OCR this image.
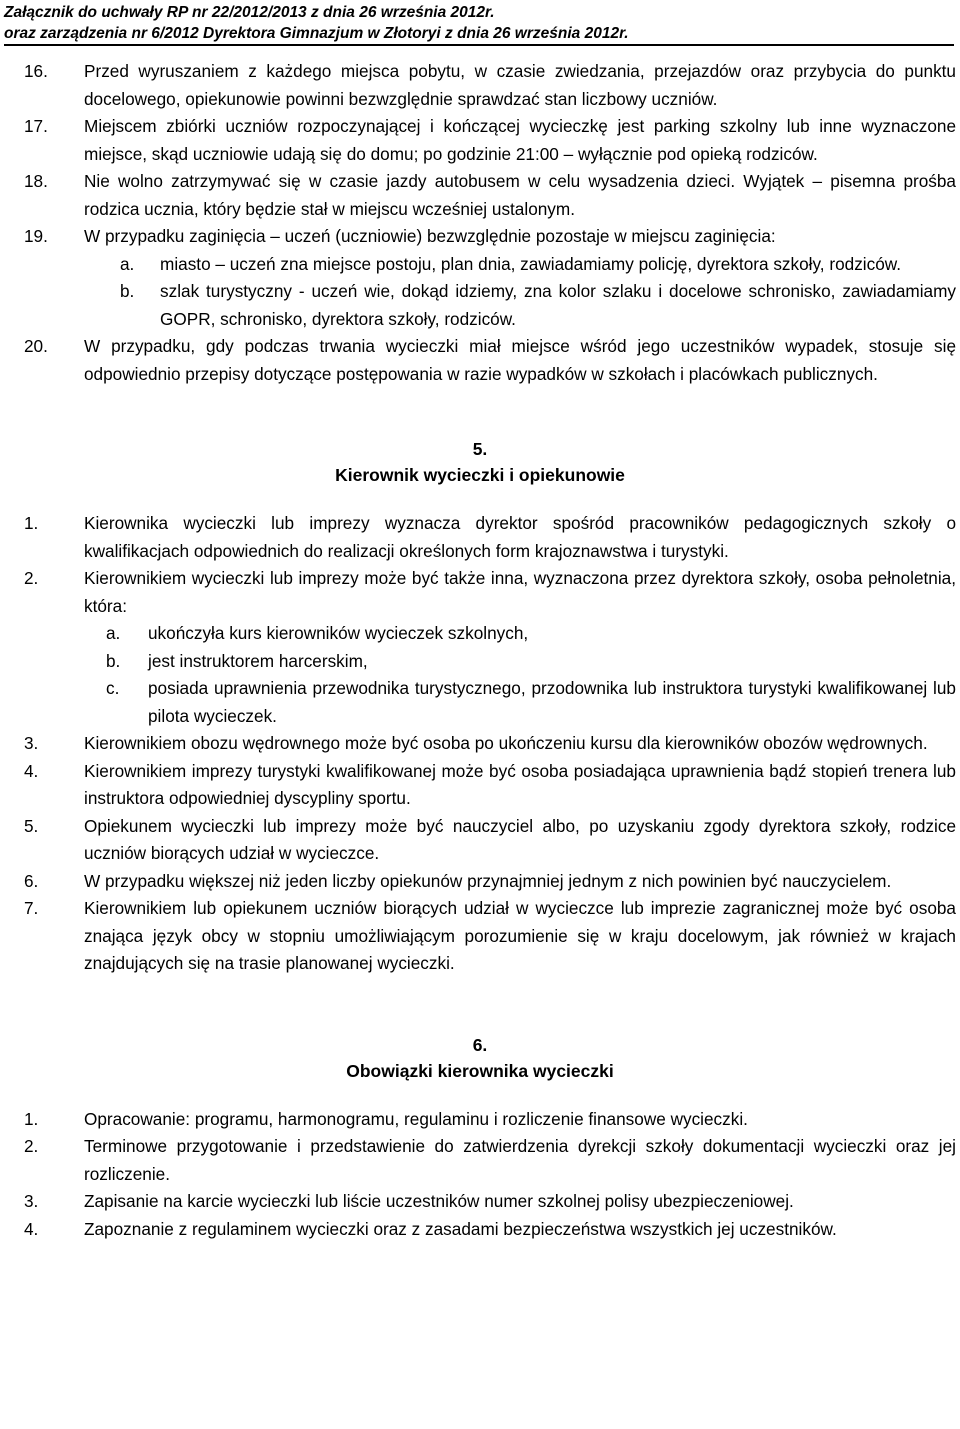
Załącznik do uchwały RP nr 22/2012/2013 z dnia 26 września 2012r.
oraz zarządzenia nr 6/2012 Dyrektora Gimnazjum w Złotoryi z dnia 26 września 2012r.
16. Przed wyruszaniem z każdego miejsca pobytu, w czasie zwiedzania, przejazdów oraz przybycia do punktu docelowego, opiekunowie powinni bezwzględnie sprawdzać stan liczbowy uczniów.
17. Miejscem zbiórki uczniów rozpoczynającej i kończącej wycieczkę jest parking szkolny lub inne wyznaczone miejsce, skąd uczniowie udają się do domu; po godzinie 21:00 – wyłącznie pod opieką rodziców.
18. Nie wolno zatrzymywać się w czasie jazdy autobusem w celu wysadzenia dzieci. Wyjątek – pisemna prośba rodzica ucznia, który będzie stał w miejscu wcześniej ustalonym.
19. W przypadku zaginięcia – uczeń (uczniowie) bezwzględnie pozostaje w miejscu zaginięcia:
a. miasto – uczeń zna miejsce postoju, plan dnia, zawiadamiamy policję, dyrektora szkoły, rodziców.
b. szlak turystyczny - uczeń wie, dokąd idziemy, zna kolor szlaku i docelowe schronisko, zawiadamiamy GOPR, schronisko, dyrektora szkoły, rodziców.
20. W przypadku, gdy podczas trwania wycieczki miał miejsce wśród jego uczestników wypadek, stosuje się odpowiednio przepisy dotyczące postępowania w razie wypadków w szkołach i placówkach publicznych.
5.
Kierownik wycieczki i opiekunowie
1.	Kierownika wycieczki lub imprezy wyznacza dyrektor spośród pracowników pedagogicznych szkoły o kwalifikacjach odpowiednich do realizacji określonych form krajoznawstwa i turystyki.
2.	Kierownikiem wycieczki lub imprezy może być także inna, wyznaczona przez dyrektora szkoły, osoba pełnoletnia, która:
a. ukończyła kurs kierowników wycieczek szkolnych,
b. jest instruktorem harcerskim,
c. posiada uprawnienia przewodnika turystycznego, przodownika lub instruktora turystyki kwalifikowanej lub pilota wycieczek.
3.	Kierownikiem obozu wędrownego może być osoba po ukończeniu kursu dla kierowników obozów wędrownych.
4.	Kierownikiem imprezy turystyki kwalifikowanej może być osoba posiadająca uprawnienia bądź stopień trenera lub instruktora odpowiedniej dyscypliny sportu.
5.	Opiekunem wycieczki lub imprezy może być nauczyciel albo, po uzyskaniu zgody dyrektora szkoły, rodzice uczniów biorących udział w wycieczce.
6.	W przypadku większej niż jeden liczby opiekunów przynajmniej jednym z nich powinien być nauczycielem.
7.	Kierownikiem lub opiekunem uczniów biorących udział w wycieczce lub imprezie zagranicznej może być osoba znająca język obcy w stopniu umożliwiającym porozumienie się w kraju docelowym, jak również w krajach znajdujących się na trasie planowanej wycieczki.
6.
Obowiązki kierownika wycieczki
1.	Opracowanie: programu, harmonogramu, regulaminu i rozliczenie finansowe wycieczki.
2.	Terminowe przygotowanie i przedstawienie do zatwierdzenia dyrekcji szkoły dokumentacji wycieczki oraz jej rozliczenie.
3.	Zapisanie na karcie wycieczki lub liście uczestników numer szkolnej polisy ubezpieczeniowej.
4.	Zapoznanie z regulaminem wycieczki oraz z zasadami bezpieczeństwa wszystkich jej uczestników.
